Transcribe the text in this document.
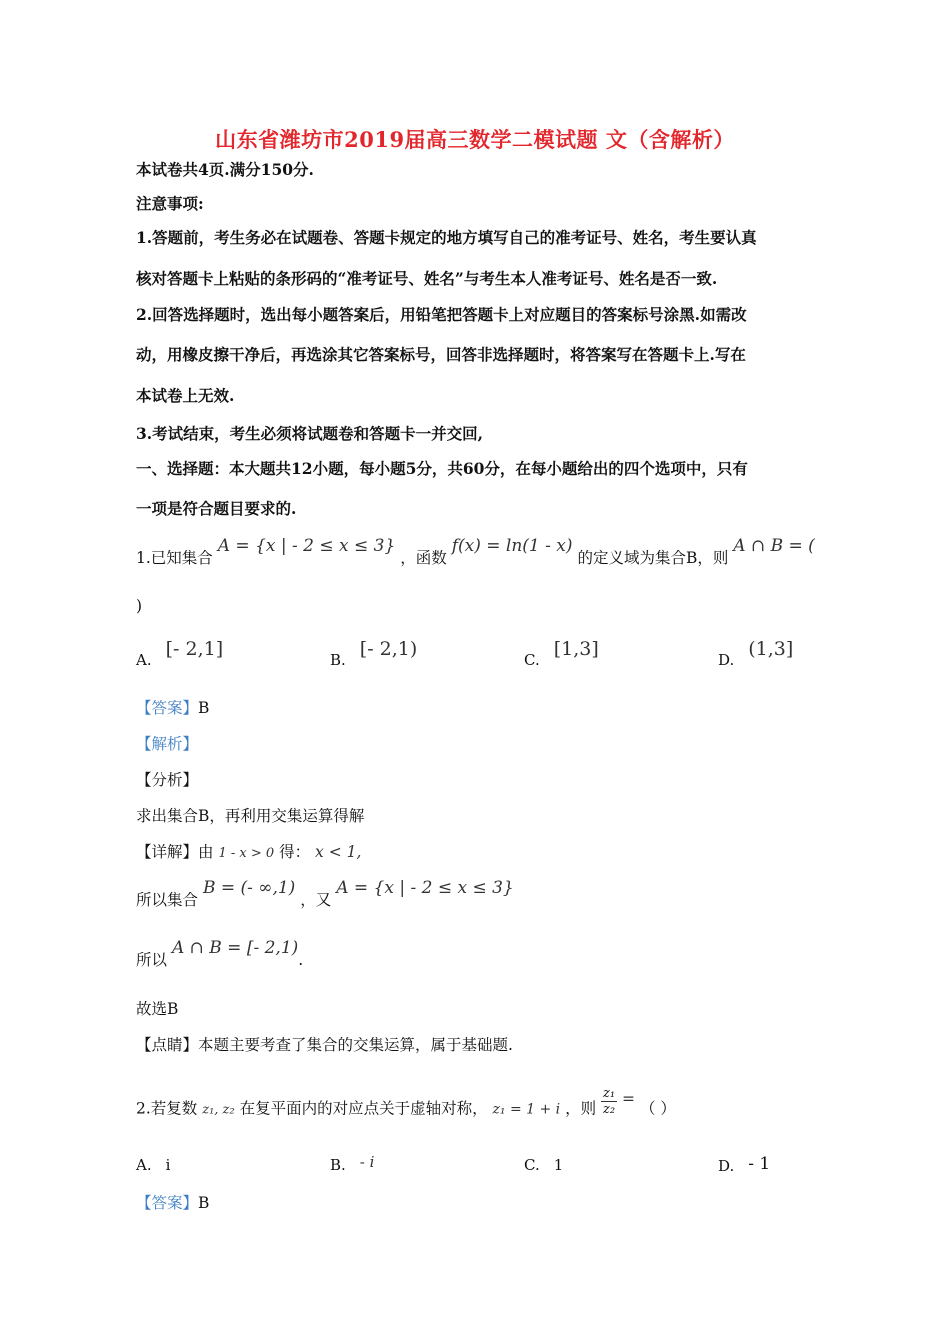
山东省潍坊市2019届高三数学二模试题 文（含解析）
本试卷共4页.满分150分.
注意事项:
1.答题前，考生务必在试题卷、答题卡规定的地方填写自己的准考证号、姓名，考生要认真
核对答题卡上粘贴的条形码的“准考证号、姓名”与考生本人准考证号、姓名是否一致.
2.回答选择题时，选出每小题答案后，用铅笔把答题卡上对应题目的答案标号涂黑.如需改
动，用橡皮擦干净后，再选涂其它答案标号，回答非选择题时，将答案写在答题卡上.写在
本试卷上无效.
3.考试结束，考生必须将试题卷和答题卡一并交回,
一、选择题：本大题共12小题，每小题5分，共60分，在每小题给出的四个选项中，只有
一项是符合题目要求的.
1.已知集合 A = {x | - 2 ≤ x ≤ 3} ，函数 f(x) = ln(1 - x) 的定义域为集合B，则 A ∩ B = (
)
A. [- 2,1]	B. [- 2,1)	C. [1,3]	D. (1,3]
【答案】B
【解析】
【分析】
求出集合B，再利用交集运算得解
【详解】由 1 - x > 0 得： x < 1,
所以集合 B = (- ∞,1) ，又 A = {x | - 2 ≤ x ≤ 3}
所以 A ∩ B = [- 2,1).
故选B
【点睛】本题主要考查了集合的交集运算，属于基础题.
2.若复数 z₁, z₂ 在复平面内的对应点关于虚轴对称， z₁ = 1 + i ，则 $\frac{\text{z₁}}{\text{z₂}}$ = （ ）
A. i	B. - i	C. 1	D. - 1
【答案】B
